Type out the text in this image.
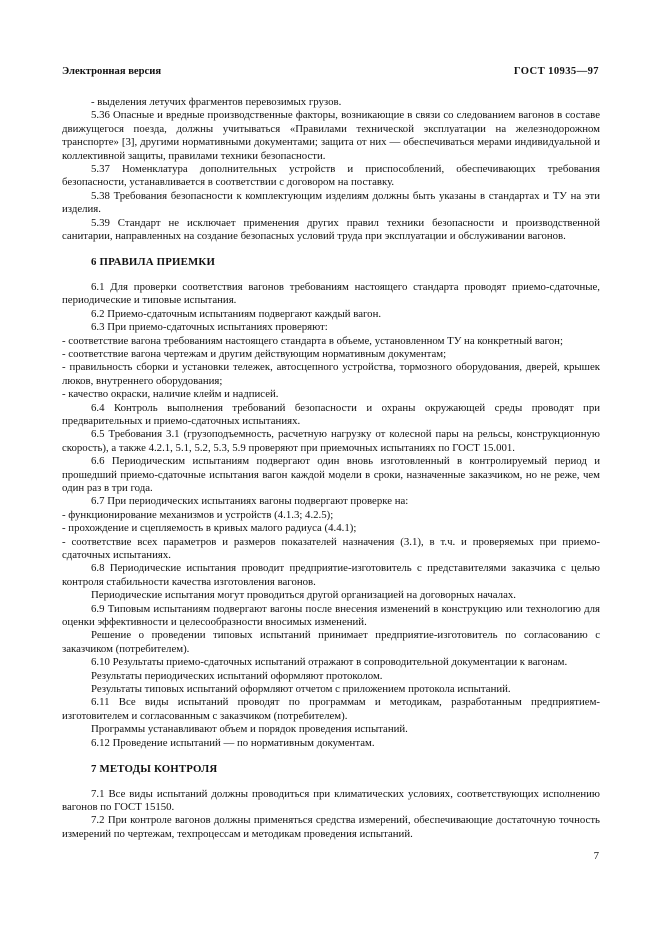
Электронная версия	ГОСТ 10935—97

- выделения летучих фрагментов перевозимых грузов.

5.36 Опасные и вредные производственные факторы, возникающие в связи со следованием вагонов в составе движущегося поезда, должны учитываться «Правилами технической эксплуатации на железнодорожном транспорте» [3], другими нормативными документами; защита от них — обеспечиваться мерами индивидуальной и коллективной защиты, правилами техники безопасности.

5.37 Номенклатура дополнительных устройств и приспособлений, обеспечивающих требования безопасности, устанавливается в соответствии с договором на поставку.

5.38 Требования безопасности к комплектующим изделиям должны быть указаны в стандартах и ТУ на эти изделия.

5.39 Стандарт не исключает применения других правил техники безопасности и производственной санитарии, направленных на создание безопасных условий труда при эксплуатации и обслуживании вагонов.

6 ПРАВИЛА ПРИЕМКИ

6.1 Для проверки соответствия вагонов требованиям настоящего стандарта проводят приемо-сдаточные, периодические и типовые испытания.

6.2 Приемо-сдаточным испытаниям подвергают каждый вагон.

6.3 При приемо-сдаточных испытаниях проверяют:

- соответствие вагона требованиям настоящего стандарта в объеме, установленном ТУ на конкретный вагон;

- соответствие вагона чертежам и другим действующим нормативным документам;

- правильность сборки и установки тележек, автосцепного устройства, тормозного оборудования, дверей, крышек люков, внутреннего оборудования;

- качество окраски, наличие клейм и надписей.

6.4 Контроль выполнения требований безопасности и охраны окружающей среды проводят при предварительных и приемо-сдаточных испытаниях.

6.5 Требования 3.1 (грузоподъемность, расчетную нагрузку от колесной пары на рельсы, конструкционную скорость), а также 4.2.1, 5.1, 5.2, 5.3, 5.9 проверяют при приемочных испытаниях по ГОСТ 15.001.

6.6 Периодическим испытаниям подвергают один вновь изготовленный в контролируемый период и прошедший приемо-сдаточные испытания вагон каждой модели в сроки, назначенные заказчиком, но не реже, чем один раз в три года.

6.7 При периодических испытаниях вагоны подвергают проверке на:

- функционирование механизмов и устройств (4.1.3; 4.2.5);

- прохождение и сцепляемость в кривых малого радиуса (4.4.1);

- соответствие всех параметров и размеров показателей назначения (3.1), в т.ч. и проверяемых при приемо-сдаточных испытаниях.

6.8 Периодические испытания проводит предприятие-изготовитель с представителями заказчика с целью контроля стабильности качества изготовления вагонов.

Периодические испытания могут проводиться другой организацией на договорных началах.

6.9 Типовым испытаниям подвергают вагоны после внесения изменений в конструкцию или технологию для оценки эффективности и целесообразности вносимых изменений.

Решение о проведении типовых испытаний принимает предприятие-изготовитель по согласованию с заказчиком (потребителем).

6.10 Результаты приемо-сдаточных испытаний отражают в сопроводительной документации к вагонам.

Результаты периодических испытаний оформляют протоколом.

Результаты типовых испытаний оформляют отчетом с приложением протокола испытаний.

6.11 Все виды испытаний проводят по программам и методикам, разработанным предприятием-изготовителем и согласованным с заказчиком (потребителем).

Программы устанавливают объем и порядок проведения испытаний.

6.12 Проведение испытаний — по нормативным документам.

7 МЕТОДЫ КОНТРОЛЯ

7.1 Все виды испытаний должны проводиться при климатических условиях, соответствующих исполнению вагонов по ГОСТ 15150.

7.2 При контроле вагонов должны применяться средства измерений, обеспечивающие достаточную точность измерений по чертежам, техпроцессам и методикам проведения испытаний.

7
